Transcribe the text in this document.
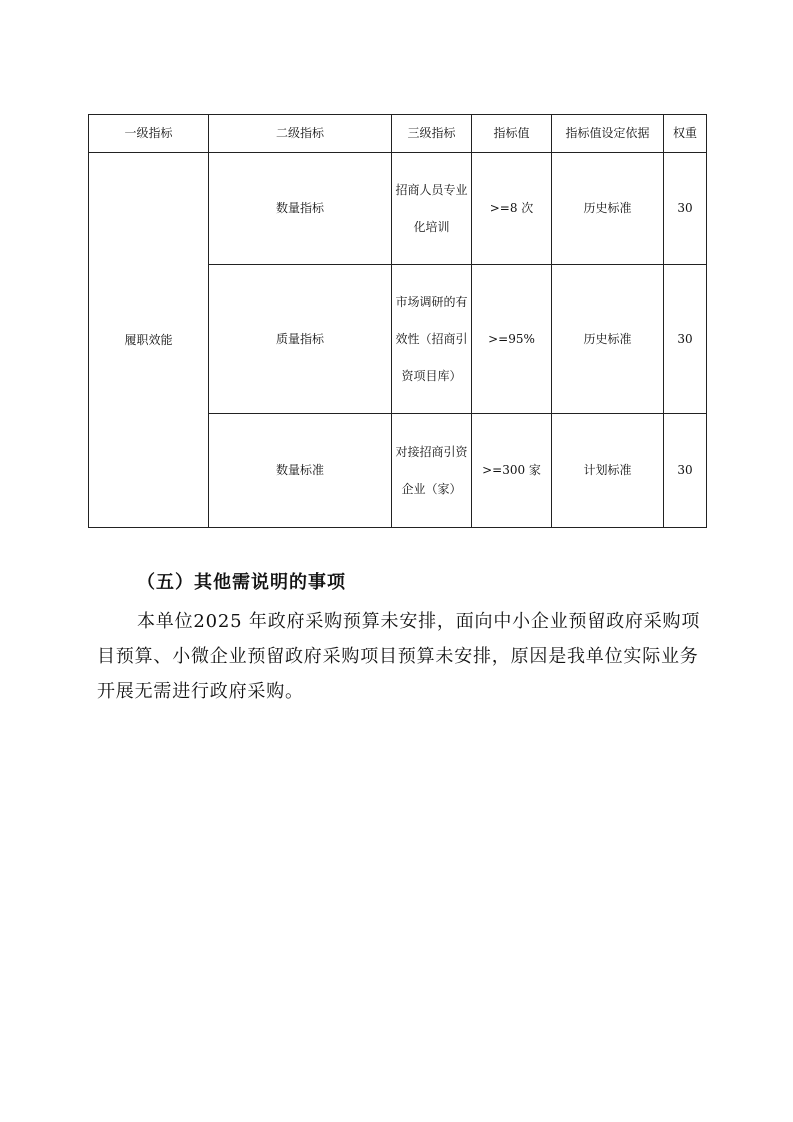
一级指标	二级指标	三级指标	指标值	指标值设定依据	权重
履职效能	数量指标	招商人员专业化培训	>=8 次	历史标准	30
	质量指标	市场调研的有效性（招商引资项目库）	>=95%	历史标准	30
	数量标准	对接招商引资企业（家）	>=300 家	计划标准	30
（五）其他需说明的事项

本单位2025 年政府采购预算未安排，面向中小企业预留政府采购项目预算、小微企业预留政府采购项目预算未安排，原因是我单位实际业务开展无需进行政府采购。
